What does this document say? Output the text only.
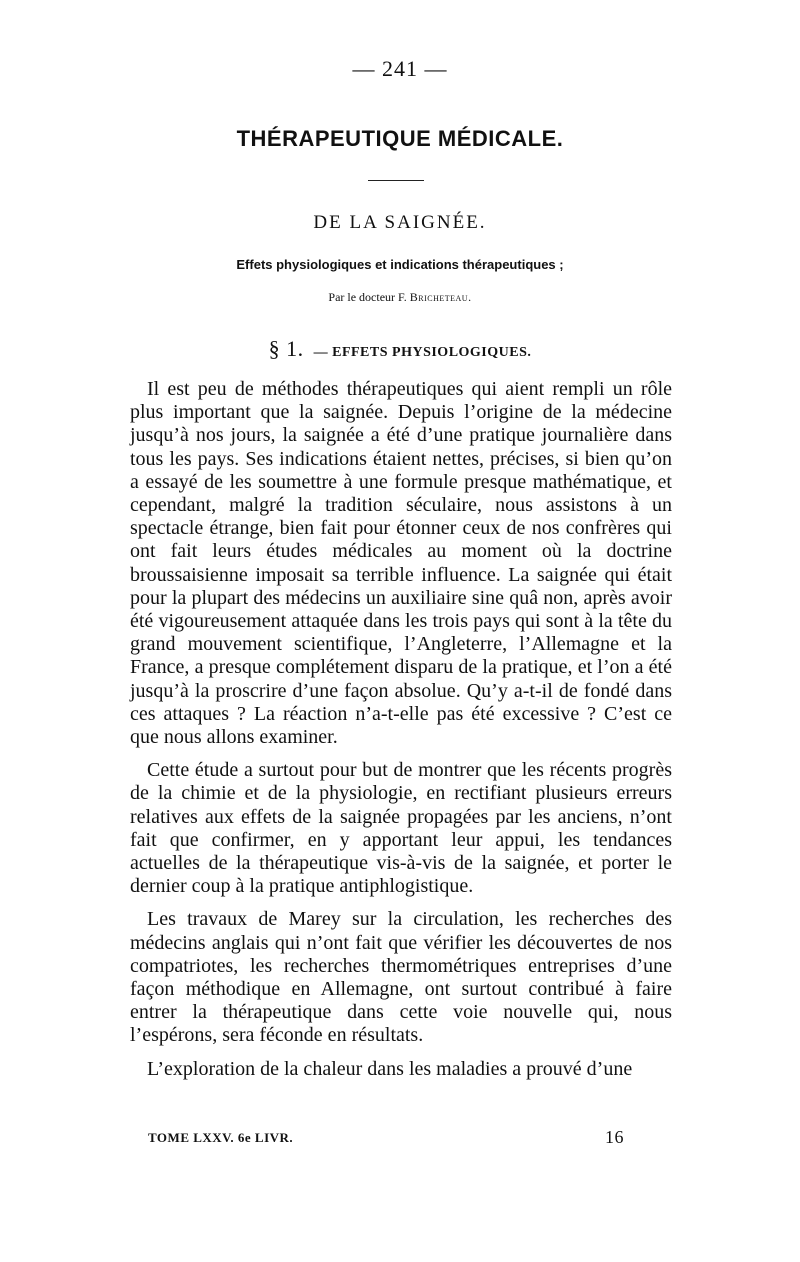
— 241 —
THÉRAPEUTIQUE MÉDICALE.
DE LA SAIGNÉE.
Effets physiologiques et indications thérapeutiques ;
Par le docteur F. Bricheteau.
§ 1. — EFFETS PHYSIOLOGIQUES.

Il est peu de méthodes thérapeutiques qui aient rempli un rôle plus important que la saignée. Depuis l’origine de la médecine jusqu’à nos jours, la saignée a été d’une pratique journalière dans tous les pays. Ses indications étaient nettes, précises, si bien qu’on a essayé de les soumettre à une formule presque mathématique, et cependant, malgré la tradition séculaire, nous assistons à un spectacle étrange, bien fait pour étonner ceux de nos confrères qui ont fait leurs études médicales au moment où la doctrine broussaisienne imposait sa terrible influence. La saignée qui était pour la plupart des médecins un auxiliaire sine quâ non, après avoir été vigoureusement attaquée dans les trois pays qui sont à la tête du grand mouvement scientifique, l’Angleterre, l’Allemagne et la France, a presque complétement disparu de la pratique, et l’on a été jusqu’à la proscrire d’une façon absolue. Qu’y a-t-il de fondé dans ces attaques ? La réaction n’a-t-elle pas été excessive ? C’est ce que nous allons examiner.

Cette étude a surtout pour but de montrer que les récents progrès de la chimie et de la physiologie, en rectifiant plusieurs erreurs relatives aux effets de la saignée propagées par les anciens, n’ont fait que confirmer, en y apportant leur appui, les tendances actuelles de la thérapeutique vis-à-vis de la saignée, et porter le dernier coup à la pratique antiphlogistique.

Les travaux de Marey sur la circulation, les recherches des médecins anglais qui n’ont fait que vérifier les découvertes de nos compatriotes, les recherches thermométriques entreprises d’une façon méthodique en Allemagne, ont surtout contribué à faire entrer la thérapeutique dans cette voie nouvelle qui, nous l’espérons, sera féconde en résultats.

L’exploration de la chaleur dans les maladies a prouvé d’une

TOME LXXV. 6e LIVR.	16
